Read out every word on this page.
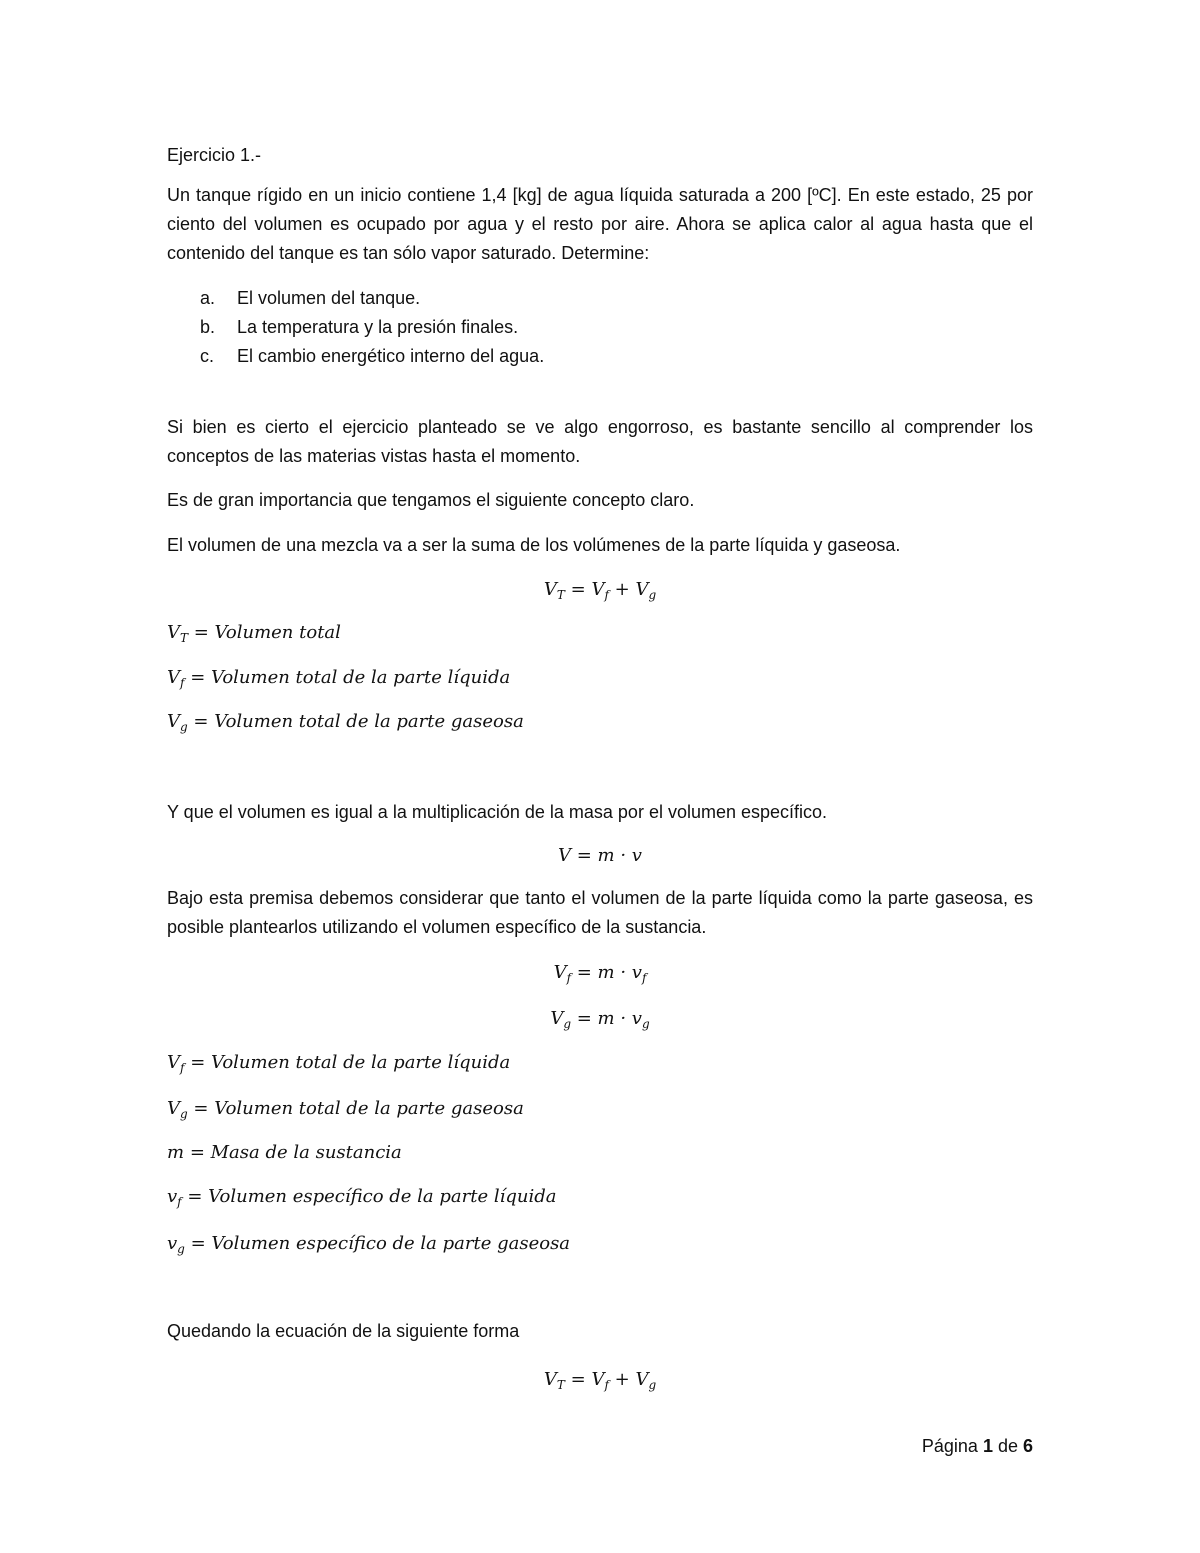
Ejercicio 1.-

Un tanque rígido en un inicio contiene 1,4 [kg] de agua líquida saturada a 200 [ºC]. En este estado, 25 por ciento del volumen es ocupado por agua y el resto por aire. Ahora se aplica calor al agua hasta que el contenido del tanque es tan sólo vapor saturado. Determine:

a. El volumen del tanque.
b. La temperatura y la presión finales.
c. El cambio energético interno del agua.

Si bien es cierto el ejercicio planteado se ve algo engorroso, es bastante sencillo al comprender los conceptos de las materias vistas hasta el momento.

Es de gran importancia que tengamos el siguiente concepto claro.

El volumen de una mezcla va a ser la suma de los volúmenes de la parte líquida y gaseosa.

$V_T = V_f + V_g$
$V_T$ = Volumen total
$V_f$ = Volumen total de la parte líquida
$V_g$ = Volumen total de la parte gaseosa

Y que el volumen es igual a la multiplicación de la masa por el volumen específico.

V = m · v

Bajo esta premisa debemos considerar que tanto el volumen de la parte líquida como la parte gaseosa, es posible plantearlos utilizando el volumen específico de la sustancia.

$V_f = m \cdot v_f$
$V_g = m \cdot v_g$
$V_f$ = Volumen total de la parte líquida
$V_g$ = Volumen total de la parte gaseosa
m = Masa de la sustancia
$v_f$ = Volumen específico de la parte líquida
$v_g$ = Volumen específico de la parte gaseosa

Quedando la ecuación de la siguiente forma

$V_T = V_f + V_g$
Página 1 de 6
